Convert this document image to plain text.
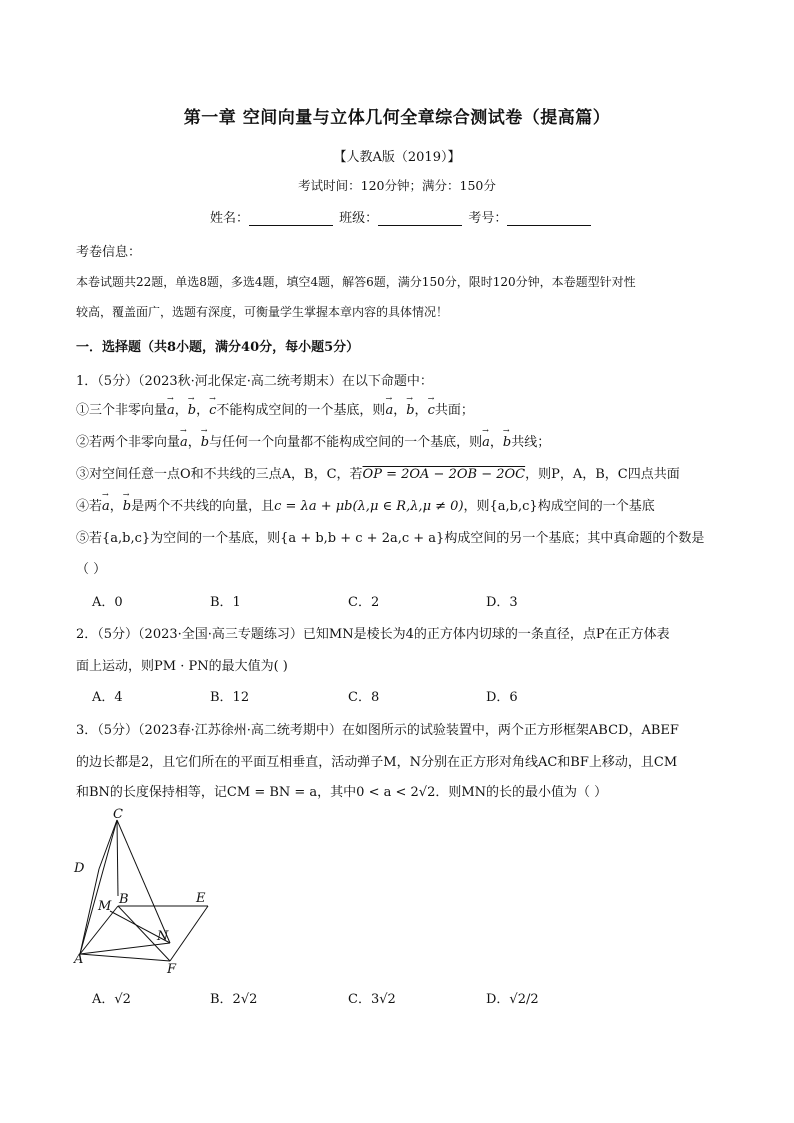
第一章 空间向量与立体几何全章综合测试卷（提高篇）
【人教A版（2019）】
考试时间：120分钟；满分：150分
姓名：	班级：	考号：
考卷信息：
本卷试题共22题，单选8题，多选4题，填空4题，解答6题，满分150分，限时120分钟，本卷题型针对性
较高，覆盖面广，选题有深度，可衡量学生掌握本章内容的具体情况！
一．选择题（共8小题，满分40分，每小题5分）
1．（5分）（2023秋·河北保定·高二统考期末）在以下命题中：
①三个非零向量→ a，→ b，→ c不能构成空间的一个基底，则→ a，→ b，→ c共面；
②若两个非零向量→ a，→ b与任何一个向量都不能构成空间的一个基底，则→ a，→ b共线；
③对空间任意一点O和不共线的三点A，B，C，若OP = 2OA − 2OB − 2OC，则P，A，B，C四点共面
④若→ a，→ b是两个不共线的向量，且c = λa + μb(λ,μ ∈ R,λ,μ ≠ 0)，则{a,b,c}构成空间的一个基底
⑤若{a,b,c}为空间的一个基底，则{a + b,b + c + 2a,c + a}构成空间的另一个基底；其中真命题的个数是
（ ）
A．0	B．1	C．2	D．3
2．（5分）（2023·全国·高三专题练习）已知MN是棱长为4的正方体内切球的一条直径，点P在正方体表
面上运动，则PM · PN的最大值为( )
A．4	B．12	C．8	D．6
3．（5分）（2023春·江苏徐州·高二统考期中）在如图所示的试验装置中，两个正方形框架ABCD，ABEF
的边长都是2，且它们所在的平面互相垂直，活动弹子M，N分别在正方形对角线AC和BF上移动，且CM
和BN的长度保持相等，记CM = BN = a，其中0 < a < 2√2．则MN的长的最小值为（ ）
C
D
M B	E
N
A
F
A．√2	B．2√2	C．3√2	D．√2/2
